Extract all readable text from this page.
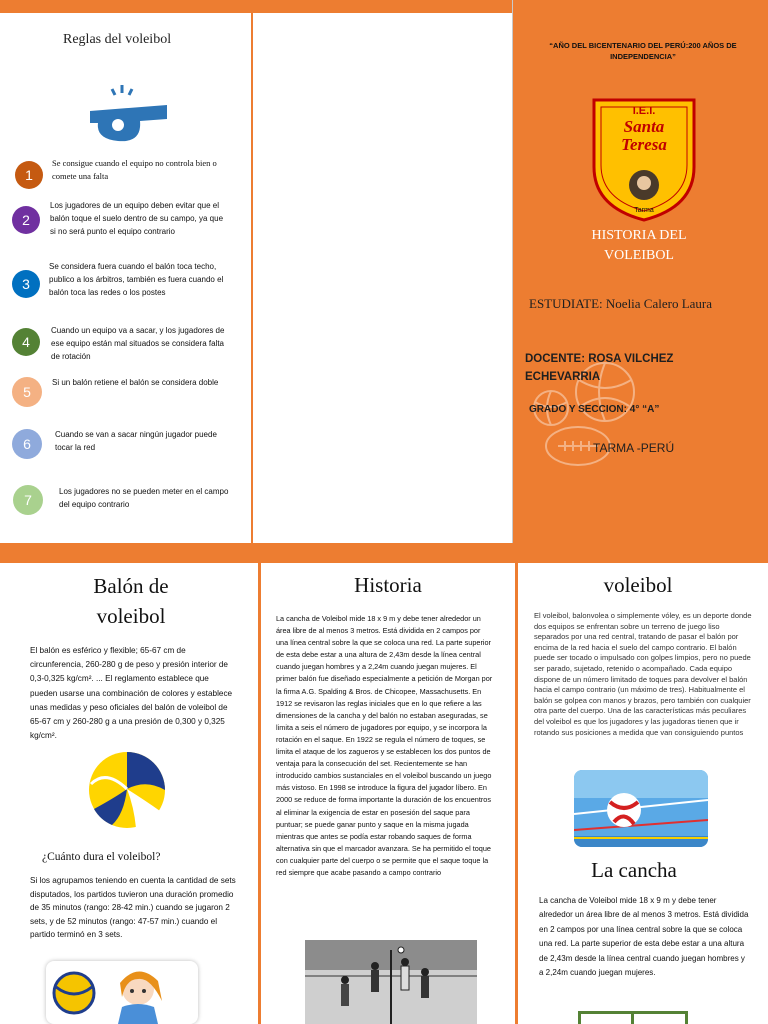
Reglas del voleibol
1
Se consigue cuando el equipo no controla bien o comete una falta
2
Los jugadores de un equipo deben evitar que el balón toque el suelo dentro de su campo, ya que si no será punto el equipo contrario
3
Se considera fuera cuando el balón toca techo, publico a los árbitros, también es fuera cuando el balón toca las redes o los postes
4
Cuando un equipo va a sacar, y los jugadores de ese equipo están mal situados se considera falta de rotación
5
Si un balón retiene el balón se considera doble
6
Cuando se van a sacar ningún jugador puede tocar la red
7
Los jugadores no se pueden meter en el campo del equipo contrario
“AÑO DEL BICENTENARIO DEL PERÚ:200 AÑOS DE INDEPENDENCIA”
I.E.I.
Santa
Teresa
Tarma
HISTORIA DEL VOLEIBOL
ESTUDIATE: Noelia Calero Laura
DOCENTE: ROSA VILCHEZ ECHEVARRIA
GRADO Y SECCION: 4° “A”
TARMA -PERÚ
Balón de voleibol
El balón es esférico y flexible; 65-67 cm de circunferencia, 260-280 g de peso y presión interior de 0,3-0,325 kg/cm². ... El reglamento establece que pueden usarse una combinación de colores y establece unas medidas y peso oficiales del balón de voleibol de 65-67 cm y 260-280 g a una presión de 0,300 y 0,325 kg/cm².
¿Cuánto dura el voleibol?
Si los agrupamos teniendo en cuenta la cantidad de sets disputados, los partidos tuvieron una duración promedio de 35 minutos (rango: 28-42 min.) cuando se jugaron 2 sets, y de 52 minutos (rango: 47-57 min.) cuando el partido terminó en 3 sets.
Historia
La cancha de Voleibol mide 18 x 9 m y debe tener alrededor un área libre de al menos 3 metros. Está dividida en 2 campos por una línea central sobre la que se coloca una red. La parte superior de esta debe estar a una altura de 2,43m desde la línea central cuando juegan hombres y a 2,24m cuando juegan mujeres. El primer balón fue diseñado especialmente a petición de Morgan por la firma A.G. Spalding & Bros. de Chicopee, Massachusetts. En 1912 se revisaron las reglas iniciales que en lo que refiere a las dimensiones de la cancha y del balón no estaban aseguradas, se limita a seis el número de jugadores por equipo, y se incorpora la rotación en el saque. En 1922 se regula el número de toques, se limita el ataque de los zagueros y se establecen los dos puntos de ventaja para la consecución del set. Recientemente se han introducido cambios sustanciales en el voleibol buscando un juego más vistoso. En 1998 se introduce la figura del jugador líbero. En 2000 se reduce de forma importante la duración de los encuentros al eliminar la exigencia de estar en posesión del saque para puntuar; se puede ganar punto y saque en la misma jugada mientras que antes se podía estar robando saques de forma alternativa sin que el marcador avanzara. Se ha permitido el toque con cualquier parte del cuerpo o se permite que el saque toque la red siempre que acabe pasando a campo contrario
voleibol
El voleibol, balonvolea o simplemente vóley, es un deporte donde dos equipos se enfrentan sobre un terreno de juego liso separados por una red central, tratando de pasar el balón por encima de la red hacia el suelo del campo contrario. El balón puede ser tocado o impulsado con golpes limpios, pero no puede ser parado, sujetado, retenido o acompañado. Cada equipo dispone de un número limitado de toques para devolver el balón hacia el campo contrario (un máximo de tres). Habitualmente el balón se golpea con manos y brazos, pero también con cualquier otra parte del cuerpo. Una de las características más peculiares del voleibol es que los jugadores y las jugadoras tienen que ir rotando sus posiciones a medida que van consiguiendo puntos
La cancha
La cancha de Voleibol mide 18 x 9 m y debe tener alrededor un área libre de al menos 3 metros. Está dividida en 2 campos por una línea central sobre la que se coloca una red. La parte superior de esta debe estar a una altura de 2,43m desde la línea central cuando juegan hombres y a 2,24m cuando juegan mujeres.
